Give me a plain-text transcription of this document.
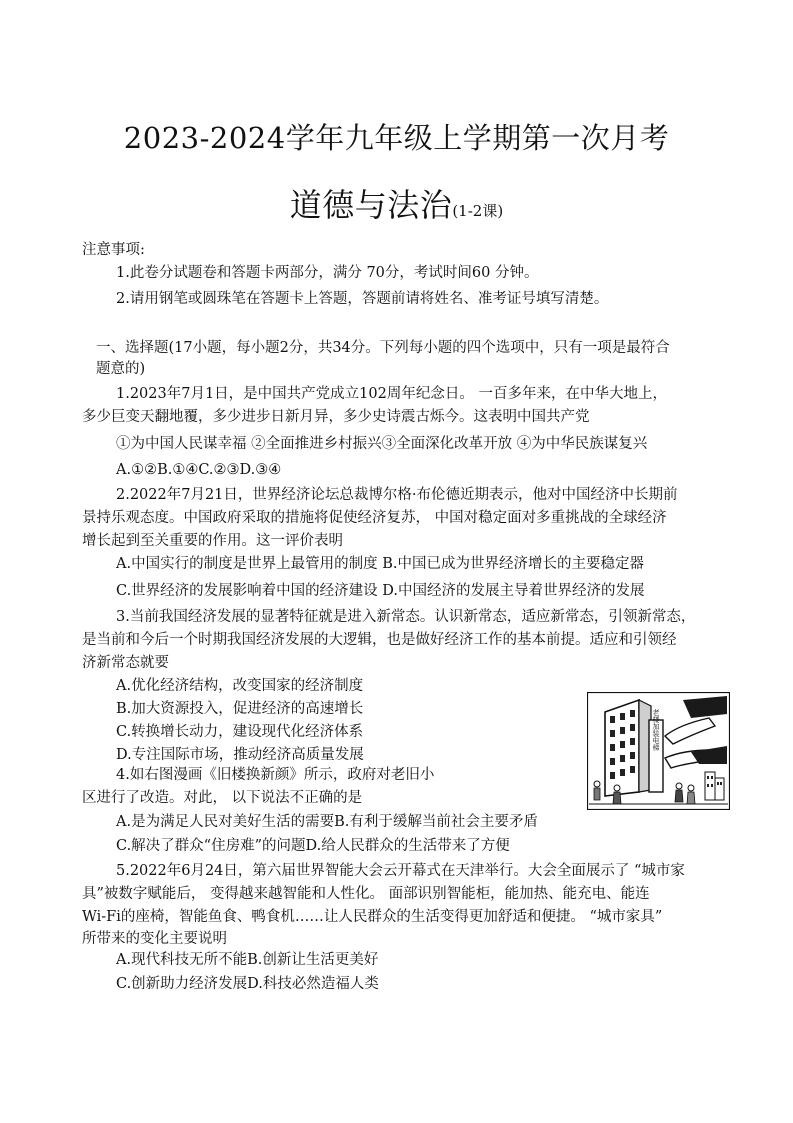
2023-2024学年九年级上学期第一次月考
道德与法治(1-2课)
注意事项:
1.此卷分试题卷和答题卡两部分，满分 70分，考试时间60 分钟。
2.请用钢笔或圆珠笔在答题卡上答题，答题前请将姓名、准考证号填写清楚。
一、选择题(17小题，每小题2分，共34分。下列每小题的四个选项中，只有一项是最符合
题意的)
1.2023年7月1日，是中国共产党成立102周年纪念日。 一百多年来，在中华大地上，
多少巨变天翻地覆，多少进步日新月异，多少史诗震古烁今。这表明中国共产党
①为中国人民谋幸福 ②全面推进乡村振兴③全面深化改革开放 ④为中华民族谋复兴
A.①②B.①④C.②③D.③④
2.2022年7月21日，世界经济论坛总裁博尔格·布伦德近期表示，他对中国经济中长期前
景持乐观态度。中国政府采取的措施将促使经济复苏， 中国对稳定面对多重挑战的全球经济
增长起到至关重要的作用。这一评价表明
A.中国实行的制度是世界上最管用的制度 B.中国已成为世界经济增长的主要稳定器
C.世界经济的发展影响着中国的经济建设 D.中国经济的发展主导着世界经济的发展
3.当前我国经济发展的显著特征就是进入新常态。认识新常态，适应新常态，引领新常态，
是当前和今后一个时期我国经济发展的大逻辑，也是做好经济工作的基本前提。适应和引领经
济新常态就要
A.优化经济结构，改变国家的经济制度
B.加大资源投入，促进经济的高速增长
C.转换增长动力，建设现代化经济体系
D.专注国际市场，推动经济高质量发展
4.如右图漫画《旧楼换新颜》所示，政府对老旧小
区进行了改造。对此， 以下说法不正确的是
A.是为满足人民对美好生活的需要B.有利于缓解当前社会主要矛盾
C.解决了群众“住房难”的问题D.给人民群众的生活带来了方便
5.2022年6月24日，第六届世界智能大会云开幕式在天津举行。大会全面展示了 “城市家
具”被数字赋能后， 变得越来越智能和人性化。 面部识别智能柜，能加热、能充电、能连
Wi-Fi的座椅，智能鱼食、鸭食机……让人民群众的生活变得更加舒适和便捷。 “城市家具”
所带来的变化主要说明
A.现代科技无所不能B.创新让生活更美好
C.创新助力经济发展D.科技必然造福人类
老楼加装电梯
